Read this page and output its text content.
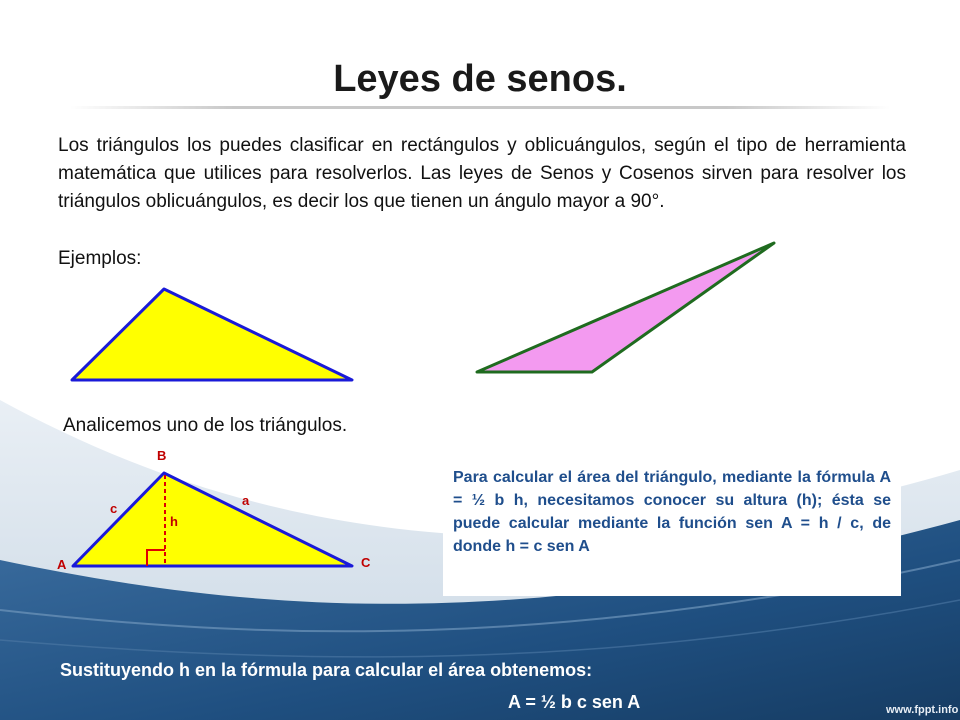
Leyes de senos.
Los triángulos los puedes clasificar en rectángulos y oblicuángulos, según el tipo de herramienta matemática que utilices para resolverlos. Las leyes de Senos y Cosenos sirven para resolver los triángulos oblicuángulos, es decir los que tienen un ángulo mayor a 90°.
Ejemplos:
Analicemos uno de los triángulos.
B
A	C
a
c
h
Para calcular el área del triángulo, mediante la fórmula A = ½ b h, necesitamos conocer su altura (h); ésta se puede calcular mediante la función sen A = h / c, de donde h = c sen A
Sustituyendo h en la fórmula para calcular el área obtenemos:
A = ½ b c sen A	www.fppt.info
